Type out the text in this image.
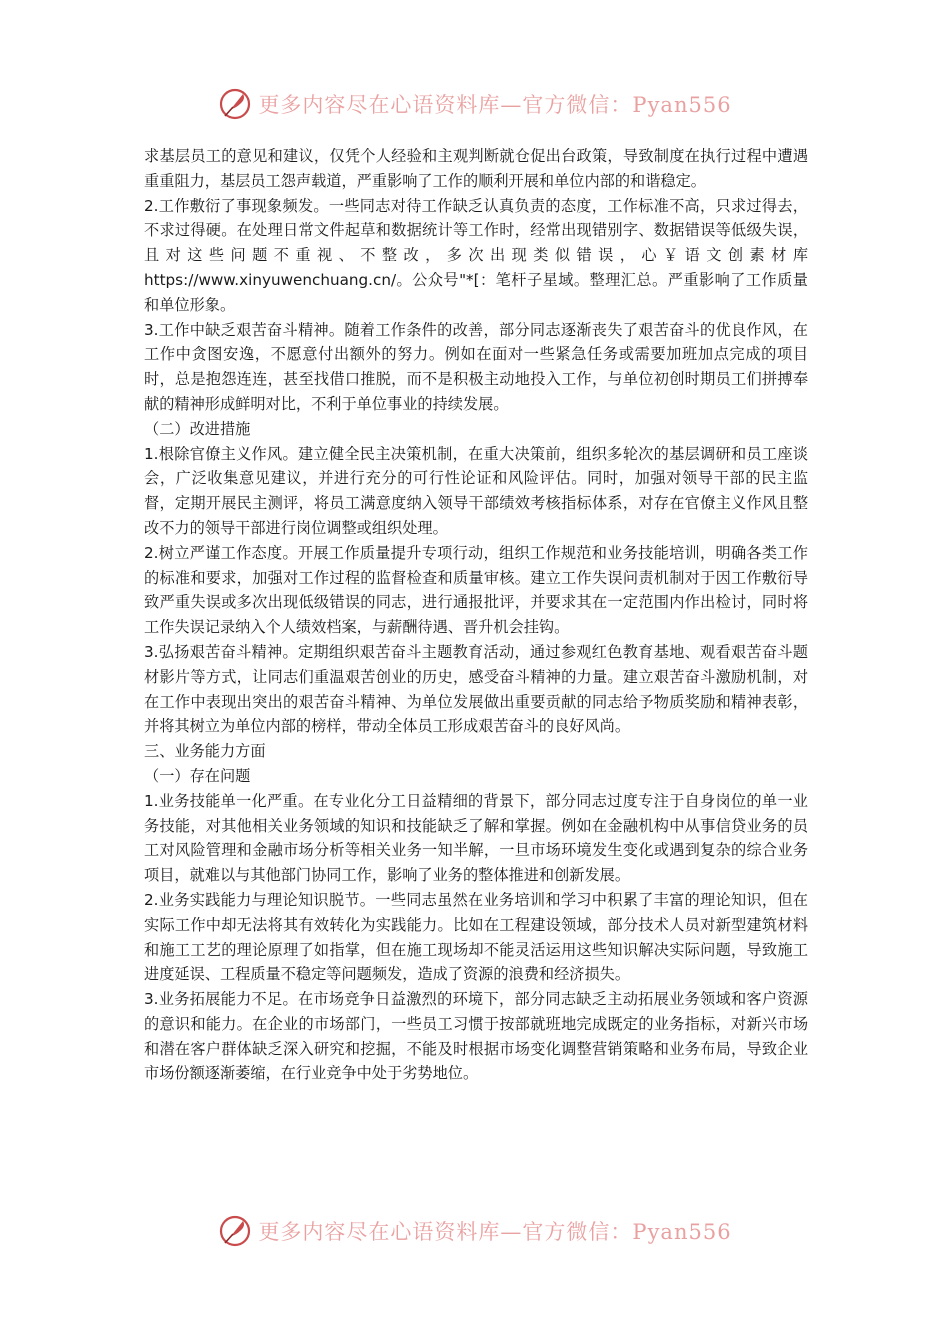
更多内容尽在心语资料库—官方微信：Pyan556

求基层员工的意见和建议，仅凭个人经验和主观判断就仓促出台政策，导致制度在执行过程中遭遇重重阻力，基层员工怨声载道，严重影响了工作的顺利开展和单位内部的和谐稳定。

2.工作敷衍了事现象频发。一些同志对待工作缺乏认真负责的态度，工作标准不高，只求过得去，不求过得硬。在处理日常文件起草和数据统计等工作时，经常出现错别字、数据错误等低级失误，且对这些问题不重视、不整改，多次出现类似错误，心￥语文创素材库https://www.xinyuwenchuang.cn/。公众号"*[：笔杆子星域。整理汇总。严重影响了工作质量和单位形象。

3.工作中缺乏艰苦奋斗精神。随着工作条件的改善，部分同志逐渐丧失了艰苦奋斗的优良作风，在工作中贪图安逸，不愿意付出额外的努力。例如在面对一些紧急任务或需要加班加点完成的项目时，总是抱怨连连，甚至找借口推脱，而不是积极主动地投入工作，与单位初创时期员工们拼搏奉献的精神形成鲜明对比，不利于单位事业的持续发展。

（二）改进措施

1.根除官僚主义作风。建立健全民主决策机制，在重大决策前，组织多轮次的基层调研和员工座谈会，广泛收集意见建议，并进行充分的可行性论证和风险评估。同时，加强对领导干部的民主监督，定期开展民主测评，将员工满意度纳入领导干部绩效考核指标体系，对存在官僚主义作风且整改不力的领导干部进行岗位调整或组织处理。

2.树立严谨工作态度。开展工作质量提升专项行动，组织工作规范和业务技能培训，明确各类工作的标准和要求，加强对工作过程的监督检查和质量审核。建立工作失误问责机制对于因工作敷衍导致严重失误或多次出现低级错误的同志，进行通报批评，并要求其在一定范围内作出检讨，同时将工作失误记录纳入个人绩效档案，与薪酬待遇、晋升机会挂钩。

3.弘扬艰苦奋斗精神。定期组织艰苦奋斗主题教育活动，通过参观红色教育基地、观看艰苦奋斗题材影片等方式，让同志们重温艰苦创业的历史，感受奋斗精神的力量。建立艰苦奋斗激励机制，对在工作中表现出突出的艰苦奋斗精神、为单位发展做出重要贡献的同志给予物质奖励和精神表彰，并将其树立为单位内部的榜样，带动全体员工形成艰苦奋斗的良好风尚。

三、业务能力方面

（一）存在问题

1.业务技能单一化严重。在专业化分工日益精细的背景下，部分同志过度专注于自身岗位的单一业务技能，对其他相关业务领域的知识和技能缺乏了解和掌握。例如在金融机构中从事信贷业务的员工对风险管理和金融市场分析等相关业务一知半解，一旦市场环境发生变化或遇到复杂的综合业务项目，就难以与其他部门协同工作，影响了业务的整体推进和创新发展。

2.业务实践能力与理论知识脱节。一些同志虽然在业务培训和学习中积累了丰富的理论知识，但在实际工作中却无法将其有效转化为实践能力。比如在工程建设领域，部分技术人员对新型建筑材料和施工工艺的理论原理了如指掌，但在施工现场却不能灵活运用这些知识解决实际问题，导致施工进度延误、工程质量不稳定等问题频发，造成了资源的浪费和经济损失。

3.业务拓展能力不足。在市场竞争日益激烈的环境下，部分同志缺乏主动拓展业务领域和客户资源的意识和能力。在企业的市场部门，一些员工习惯于按部就班地完成既定的业务指标，对新兴市场和潜在客户群体缺乏深入研究和挖掘，不能及时根据市场变化调整营销策略和业务布局，导致企业市场份额逐渐萎缩，在行业竞争中处于劣势地位。

更多内容尽在心语资料库—官方微信：Pyan556
